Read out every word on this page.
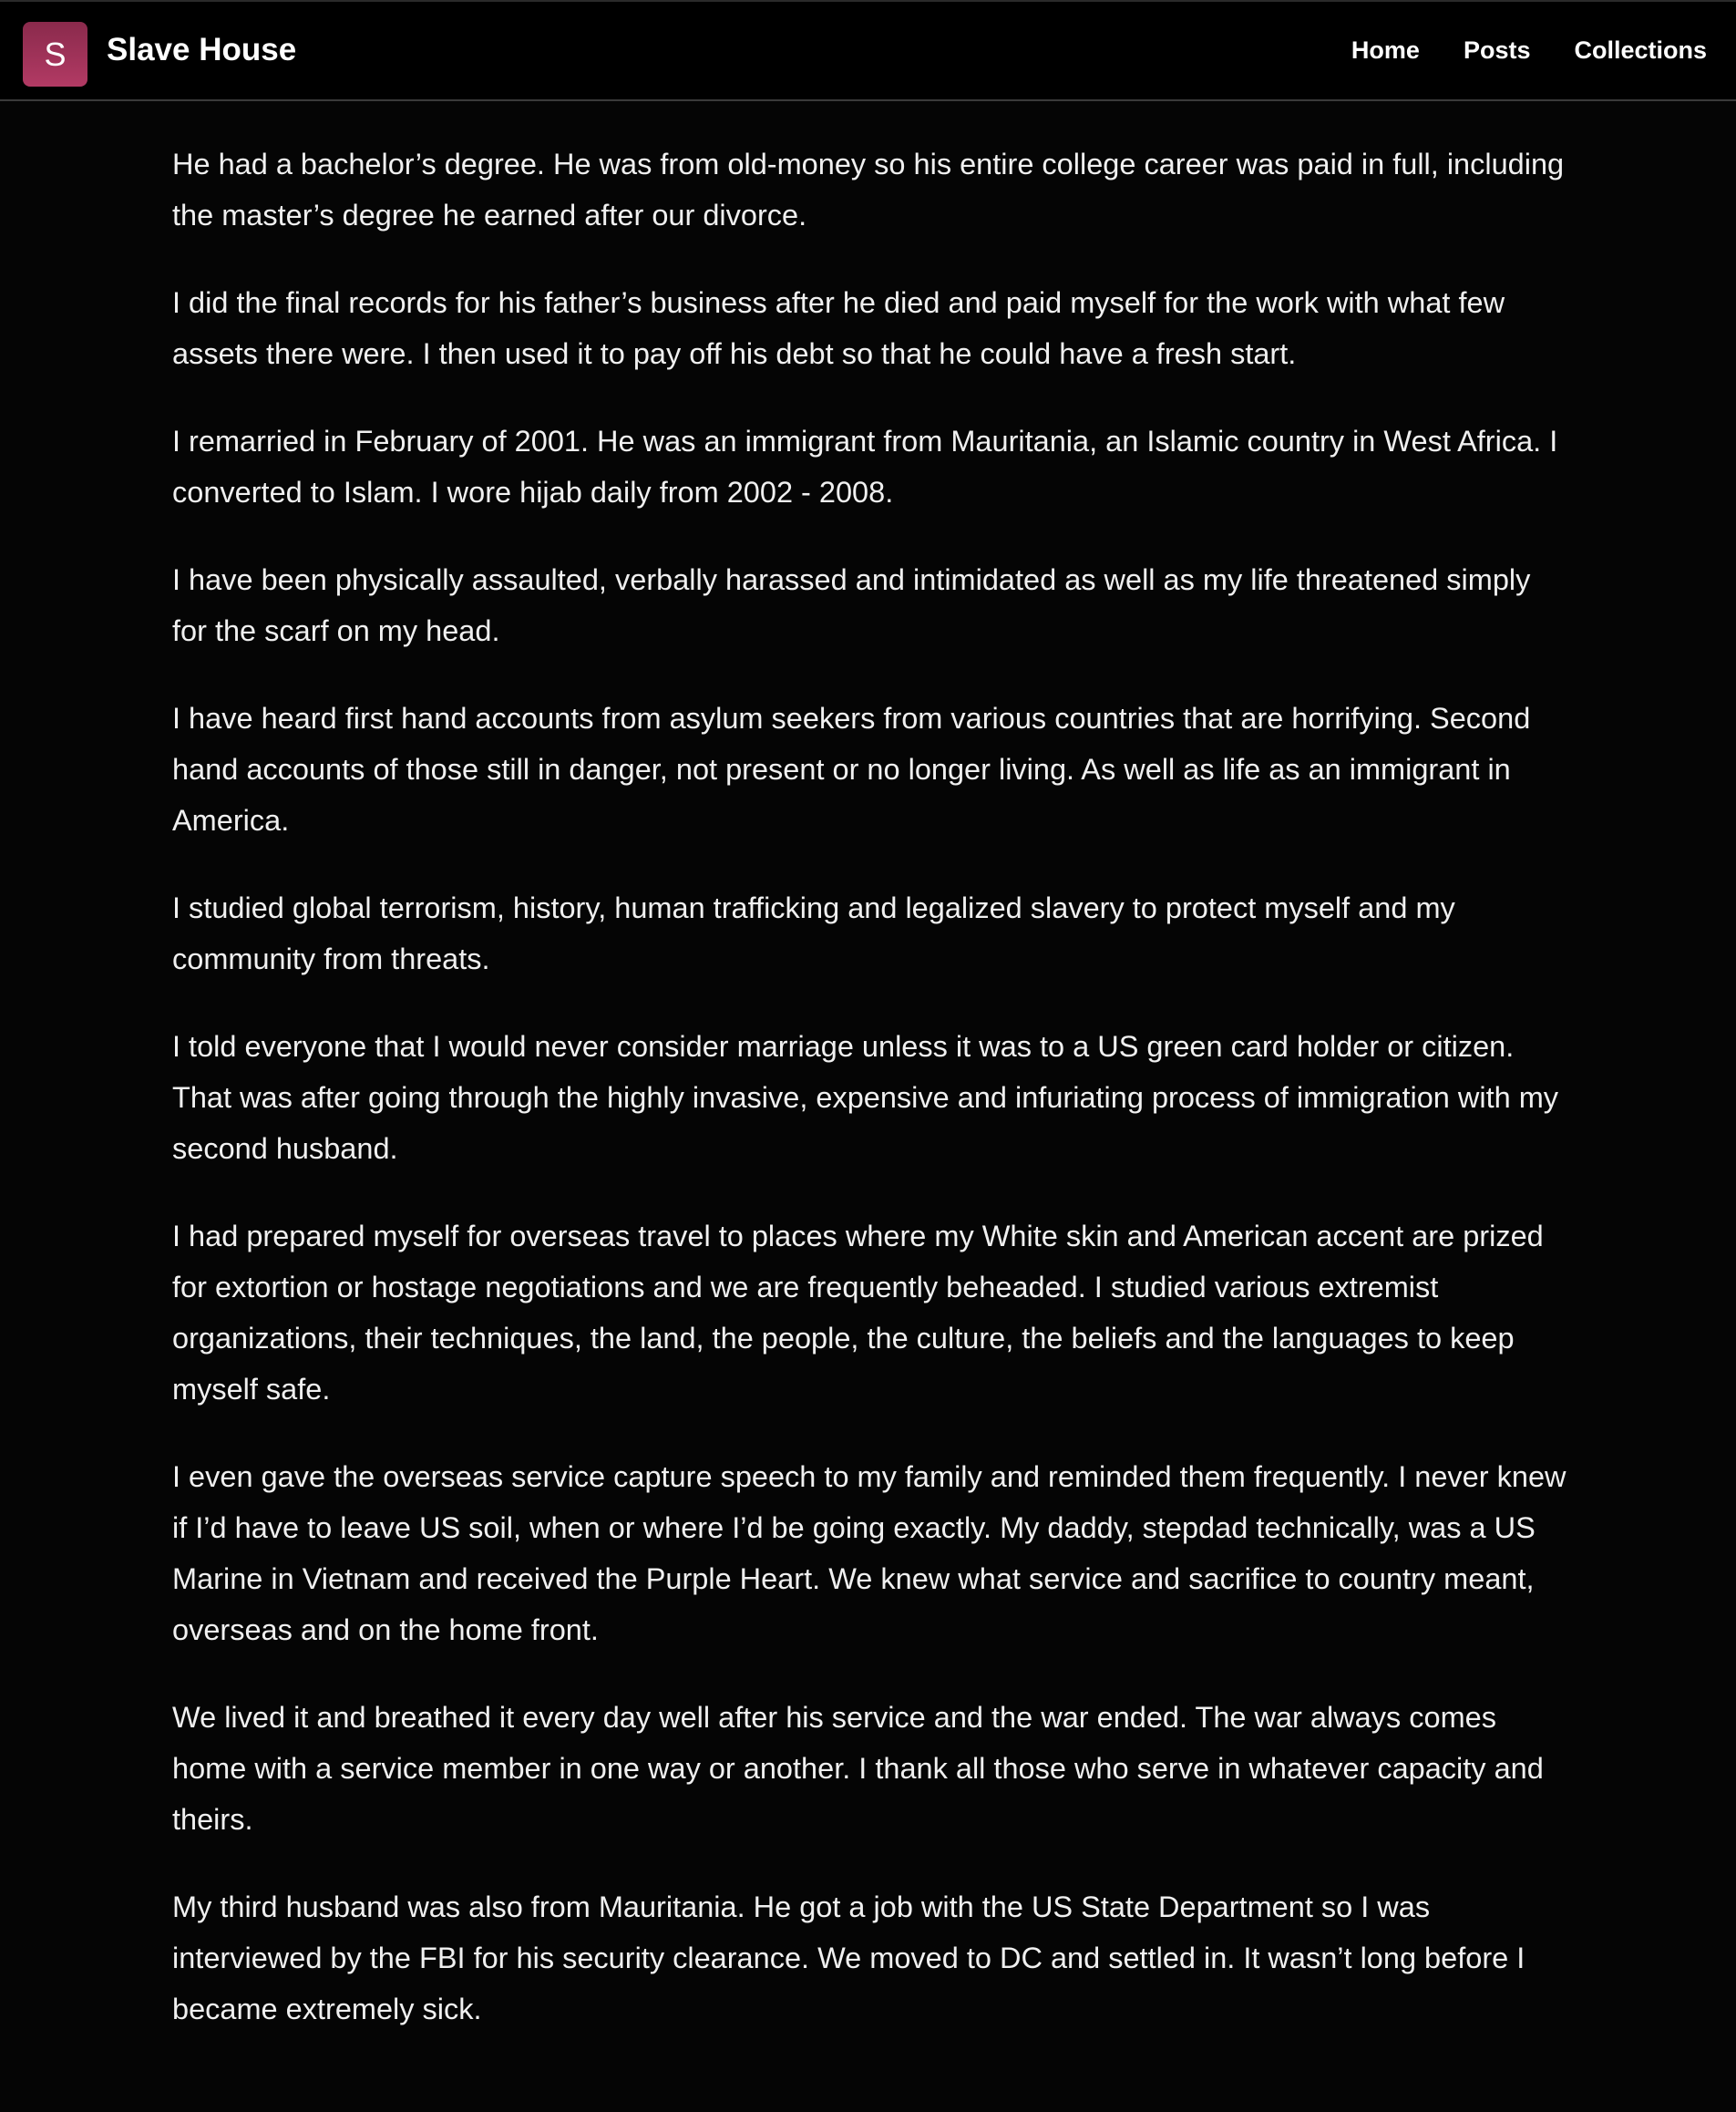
S Slave House	Home Posts Collections

He had a bachelor’s degree. He was from old-money so his entire college career was paid in full, including the master’s degree he earned after our divorce.

I did the final records for his father’s business after he died and paid myself for the work with what few assets there were. I then used it to pay off his debt so that he could have a fresh start.

I remarried in February of 2001. He was an immigrant from Mauritania, an Islamic country in West Africa. I converted to Islam. I wore hijab daily from 2002 - 2008.

I have been physically assaulted, verbally harassed and intimidated as well as my life threatened simply for the scarf on my head.

I have heard first hand accounts from asylum seekers from various countries that are horrifying. Second hand accounts of those still in danger, not present or no longer living. As well as life as an immigrant in America.

I studied global terrorism, history, human trafficking and legalized slavery to protect myself and my community from threats.

I told everyone that I would never consider marriage unless it was to a US green card holder or citizen. That was after going through the highly invasive, expensive and infuriating process of immigration with my second husband.

I had prepared myself for overseas travel to places where my White skin and American accent are prized for extortion or hostage negotiations and we are frequently beheaded. I studied various extremist organizations, their techniques, the land, the people, the culture, the beliefs and the languages to keep myself safe.

I even gave the overseas service capture speech to my family and reminded them frequently. I never knew if I’d have to leave US soil, when or where I’d be going exactly. My daddy, stepdad technically, was a US Marine in Vietnam and received the Purple Heart. We knew what service and sacrifice to country meant, overseas and on the home front.

We lived it and breathed it every day well after his service and the war ended. The war always comes home with a service member in one way or another. I thank all those who serve in whatever capacity and theirs.

My third husband was also from Mauritania. He got a job with the US State Department so I was interviewed by the FBI for his security clearance. We moved to DC and settled in. It wasn’t long before I became extremely sick.
